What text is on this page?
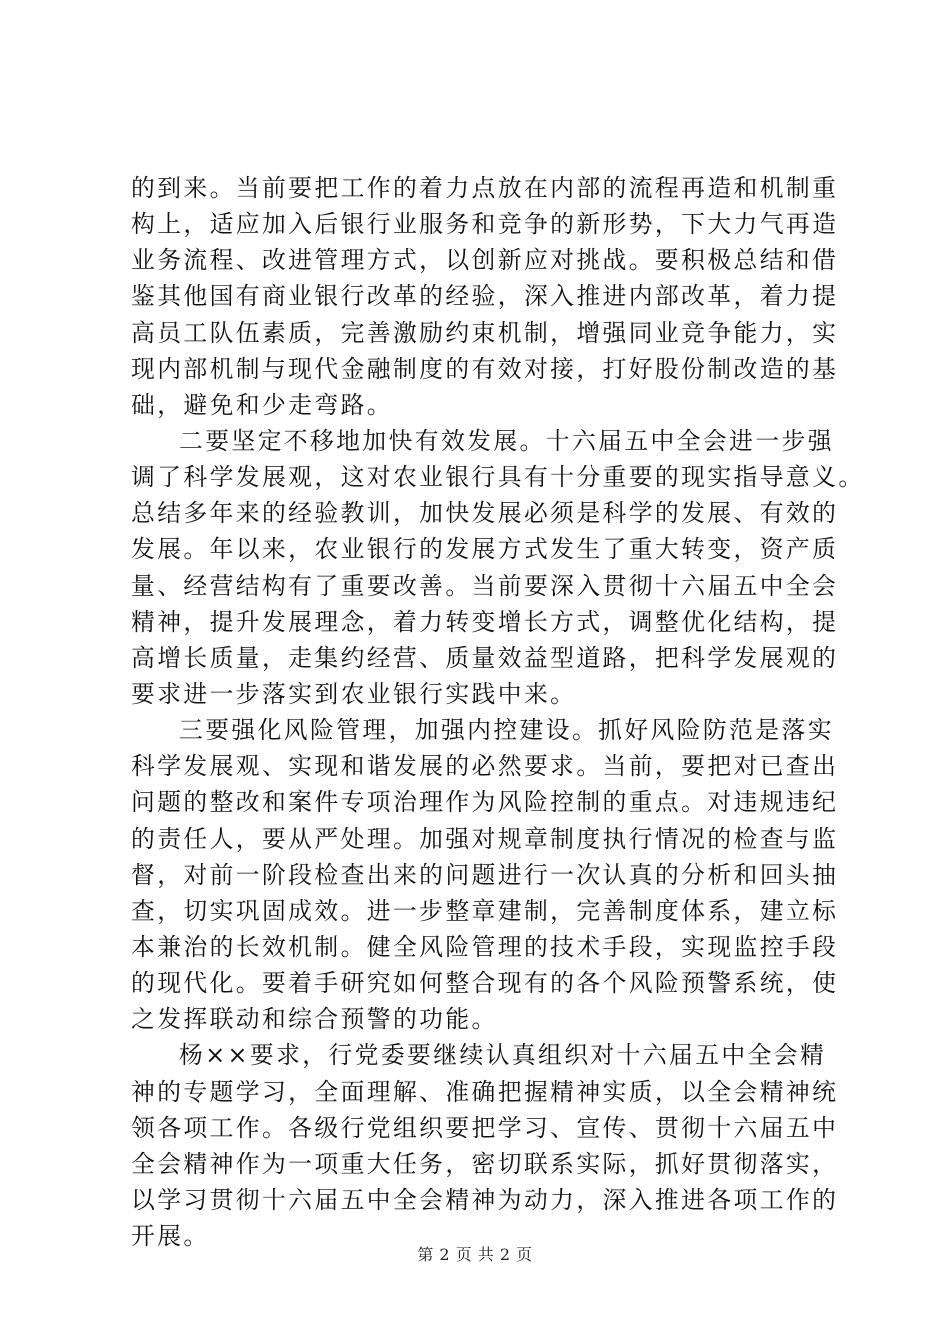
的到来。当前要把工作的着力点放在内部的流程再造和机制重
构上，适应加入后银行业服务和竞争的新形势，下大力气再造
业务流程、改进管理方式，以创新应对挑战。要积极总结和借
鉴其他国有商业银行改革的经验，深入推进内部改革，着力提
高员工队伍素质，完善激励约束机制，增强同业竞争能力，实
现内部机制与现代金融制度的有效对接，打好股份制改造的基
础，避免和少走弯路。
二要坚定不移地加快有效发展。十六届五中全会进一步强
调了科学发展观，这对农业银行具有十分重要的现实指导意义。
总结多年来的经验教训，加快发展必须是科学的发展、有效的
发展。年以来，农业银行的发展方式发生了重大转变，资产质
量、经营结构有了重要改善。当前要深入贯彻十六届五中全会
精神，提升发展理念，着力转变增长方式，调整优化结构，提
高增长质量，走集约经营、质量效益型道路，把科学发展观的
要求进一步落实到农业银行实践中来。
三要强化风险管理，加强内控建设。抓好风险防范是落实
科学发展观、实现和谐发展的必然要求。当前，要把对已查出
问题的整改和案件专项治理作为风险控制的重点。对违规违纪
的责任人，要从严处理。加强对规章制度执行情况的检查与监
督，对前一阶段检查出来的问题进行一次认真的分析和回头抽
查，切实巩固成效。进一步整章建制，完善制度体系，建立标
本兼治的长效机制。健全风险管理的技术手段，实现监控手段
的现代化。要着手研究如何整合现有的各个风险预警系统，使
之发挥联动和综合预警的功能。
杨××要求，行党委要继续认真组织对十六届五中全会精
神的专题学习，全面理解、准确把握精神实质，以全会精神统
领各项工作。各级行党组织要把学习、宣传、贯彻十六届五中
全会精神作为一项重大任务，密切联系实际，抓好贯彻落实，
以学习贯彻十六届五中全会精神为动力，深入推进各项工作的
开展。
第 2 页 共 2 页
